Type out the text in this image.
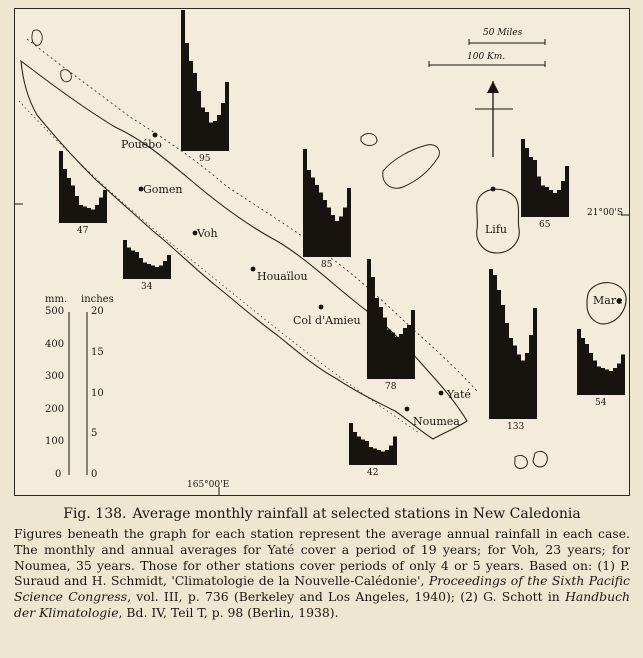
50 Miles
100 Km.
165°00'E
21°00'S
mm. inches
500
400
300
200
100
0
20
15
10
5
0
Pouébo
Gomen
Voh
Houaïlou
Col d'Amieu
Yaté
Noumea
Lifu
Mare
95
47
34
85
78
133
42
65
54
Fig. 138. Average monthly rainfall at selected stations in New Caledonia
Figures beneath the graph for each station represent the average annual rainfall in each case. The monthly and annual averages for Yaté cover a period of 19 years; for Voh, 23 years; for Noumea, 35 years. Those for other stations cover periods of only 4 or 5 years. Based on: (1) P. Suraud and H. Schmidt, 'Climatologie de la Nouvelle-Calédonie', Proceedings of the Sixth Pacific Science Congress, vol. III, p. 736 (Berkeley and Los Angeles, 1940); (2) G. Schott in Handbuch der Klimatologie, Bd. IV, Teil T, p. 98 (Berlin, 1938).
